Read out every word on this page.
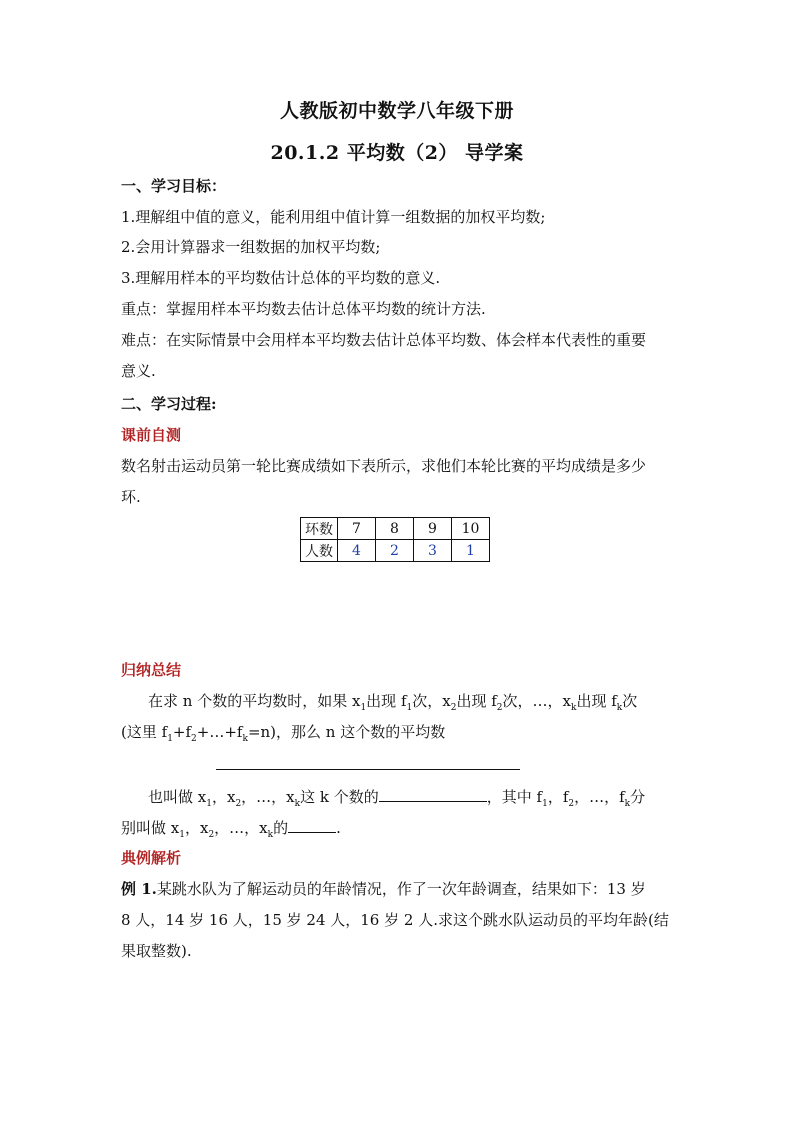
人教版初中数学八年级下册
20.1.2 平均数（2） 导学案
一、学习目标：
1.理解组中值的意义，能利用组中值计算一组数据的加权平均数;
2.会用计算器求一组数据的加权平均数;
3.理解用样本的平均数估计总体的平均数的意义.
重点：掌握用样本平均数去估计总体平均数的统计方法.
难点：在实际情景中会用样本平均数去估计总体平均数、体会样本代表性的重要
意义.
二、学习过程:
课前自测
数名射击运动员第一轮比赛成绩如下表所示，求他们本轮比赛的平均成绩是多少
环.
环数	7	8	9	10
人数	4	2	3	1
归纳总结
在求 n 个数的平均数时，如果 $x_1$出现 $f_1$次，$x_2$出现 $f_2$次，…，$x_k$出现 $f_k$次
(这里 $f_1+f_2+\dots+f_k=n$)，那么 n 这个数的平均数
也叫做 $x_1$，$x_2$，…，$x_k$这 k 个数的	，其中 $f_1$，$f_2$，…，$f_k$分
别叫做 $x_1$，$x_2$，…，$x_k$的	.
典例解析
例 1.某跳水队为了解运动员的年龄情况，作了一次年龄调查，结果如下：13 岁
8 人，14 岁 16 人，15 岁 24 人，16 岁 2 人.求这个跳水队运动员的平均年龄(结
果取整数).
